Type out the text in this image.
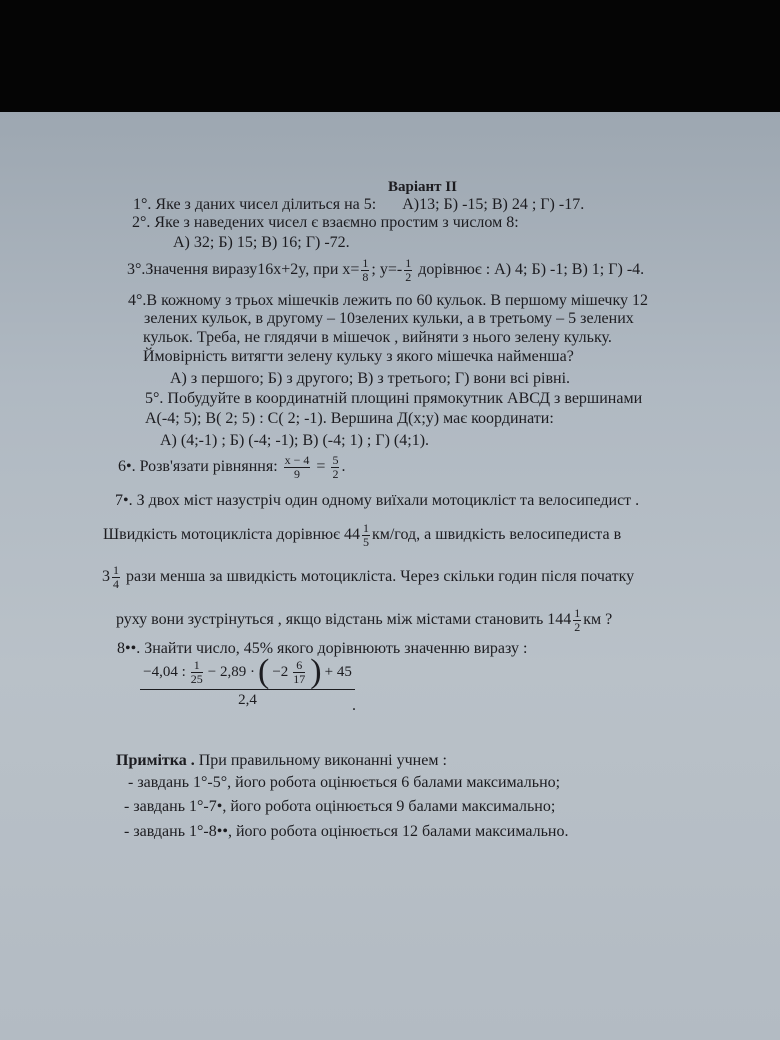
Варіант II
1°. Яке з даних чисел ділиться на 5: А)13; Б) -15; В) 24 ; Г) -17.
2°. Яке з наведених чисел є взаємно простим з числом 8:
А) 32; Б) 15; В) 16; Г) -72.
3°.Значення виразу16x+2y, при $x= \frac{1}{8}$ ; $y=- \frac{1}{2}$ дорівнює : А) 4; Б) -1; В) 1; Г) -4.
4°.В кожному з трьох мішечків лежить по 60 кульок. В першому мішечку 12
зелених кульок, в другому – 10зелених кульки, а в третьому – 5 зелених
кульок. Треба, не глядячи в мішечок , вийняти з нього зелену кульку.
Ймовірність витягти зелену кульку з якого мішечка найменша?
А) з першого; Б) з другого; В) з третього; Г) вони всі рівні.
5°. Побудуйте в координатній площині прямокутник АВСД з вершинами
А(-4; 5); В( 2; 5) : С( 2; -1). Вершина Д(x;y) має координати:
А) (4;-1) ; Б) (-4; -1); В) (-4; 1) ; Г) (4;1).
6•. Розв'язати рівняння: $\frac{x - 4}{9} = \frac{5}{2}$ .
7•. З двох міст назустріч один одному виїхали мотоцикліст та велосипедист .
Швидкість мотоцикліста дорівнює $44 \frac{1}{5} км/год$, а швидкість велосипедиста в
$3 \frac{1}{4}$ рази менша за швидкість мотоцикліста. Через скільки годин після початку
руху вони зустрінуться , якщо відстань між містами становить $144 \frac{1}{2}$ км ?
8••. Знайти число, 45% якого дорівнюють значенню виразу :
−4,04 : $\frac{1}{25} - 2,89$ · ( $-2 \frac{6}{17}$ ) + 45
2,4	.
Примітка . При правильному виконанні учнем :
- завдань 1°-5°, його робота оцінюється 6 балами максимально;
- завдань 1°-7•, його робота оцінюється 9 балами максимально;
- завдань 1°-8••, його робота оцінюється 12 балами максимально.
